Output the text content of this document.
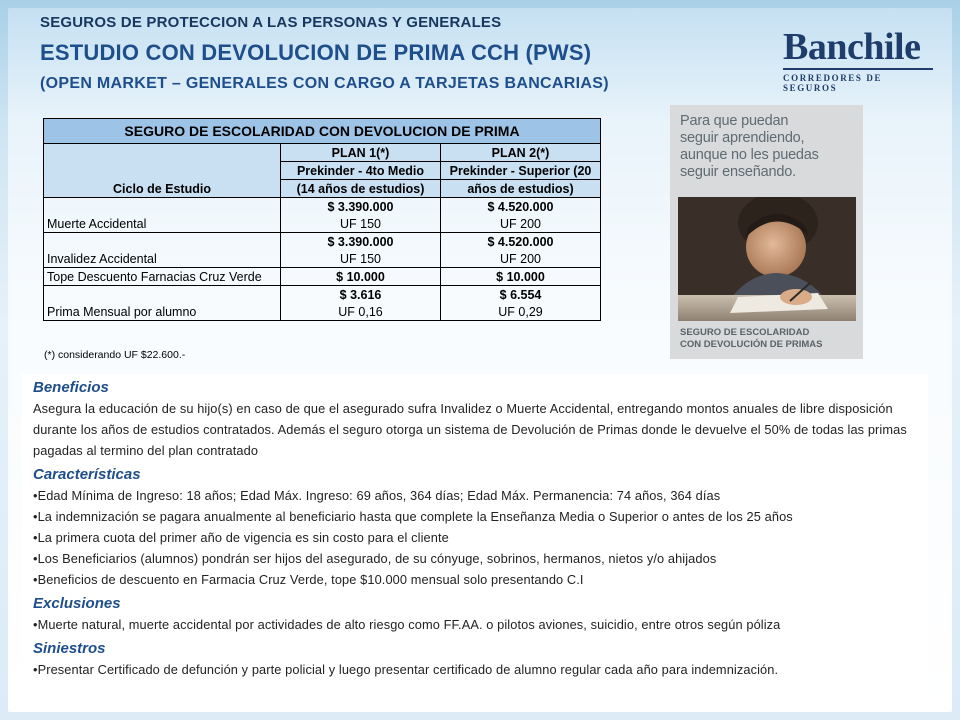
SEGUROS DE PROTECCION A LAS PERSONAS Y GENERALES
ESTUDIO CON DEVOLUCION DE PRIMA CCH (PWS)
(OPEN MARKET – GENERALES CON CARGO A TARJETAS BANCARIAS)
Banchile
CORREDORES DE SEGUROS
SEGURO DE ESCOLARIDAD CON DEVOLUCION DE PRIMA		
Ciclo de Estudio	PLAN 1(*)	PLAN 2(*)
	Prekinder - 4to Medio	Prekinder - Superior (20
	(14 años de estudios)	años de estudios)
Muerte Accidental	$ 3.390.000	$ 4.520.000
	UF 150	UF 200
Invalidez Accidental	$ 3.390.000	$ 4.520.000
	UF 150	UF 200
Tope Descuento Farnacias Cruz Verde	$ 10.000	$ 10.000
Prima Mensual por alumno	$ 3.616	$ 6.554
	UF 0,16	UF 0,29
(*) considerando UF $22.600.-
Para que puedan
seguir aprendiendo,
aunque no les puedas
seguir enseñando.
SEGURO DE ESCOLARIDAD
CON DEVOLUCIÓN DE PRIMAS
Beneficios
Asegura la educación de su hijo(s) en caso de que el asegurado sufra Invalidez o Muerte Accidental, entregando montos anuales de libre disposición durante los años de estudios contratados. Además el seguro otorga un sistema de Devolución de Primas donde le devuelve el 50% de todas las primas pagadas al termino del plan contratado
Características
•Edad Mínima de Ingreso: 18 años; Edad Máx. Ingreso: 69 años, 364 días; Edad Máx. Permanencia: 74 años, 364 días
•La indemnización se pagara anualmente al beneficiario hasta que complete la Enseñanza Media o Superior o antes de los 25 años
•La primera cuota del primer año de vigencia es sin costo para el cliente
•Los Beneficiarios (alumnos) pondrán ser hijos del asegurado, de su cónyuge, sobrinos, hermanos, nietos y/o ahijados
•Beneficios de descuento en Farmacia Cruz Verde, tope $10.000 mensual solo presentando C.I
Exclusiones
•Muerte natural, muerte accidental por actividades de alto riesgo como FF.AA. o pilotos aviones, suicidio, entre otros según póliza
Siniestros
•Presentar Certificado de defunción y parte policial y luego presentar certificado de alumno regular cada año para indemnización.
